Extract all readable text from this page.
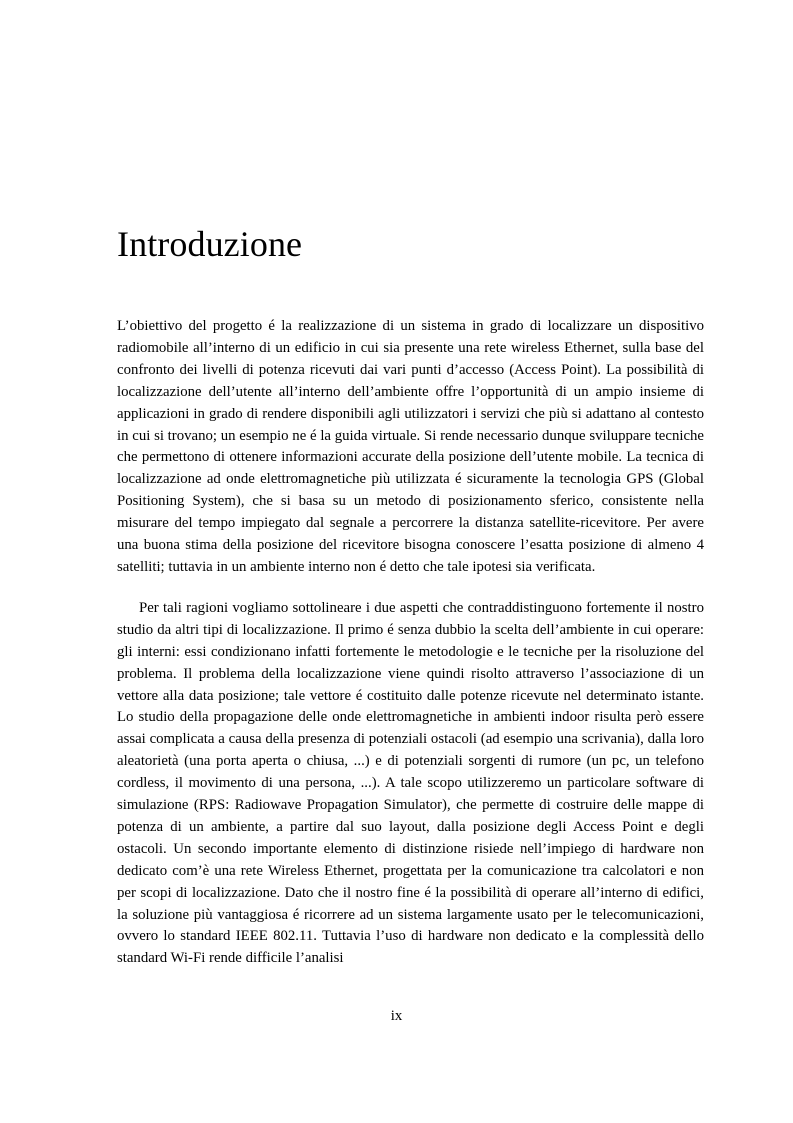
Introduzione

L’obiettivo del progetto é la realizzazione di un sistema in grado di localizzare un dispositivo radiomobile all’interno di un edificio in cui sia presente una rete wireless Ethernet, sulla base del confronto dei livelli di potenza ricevuti dai vari punti d’accesso (Access Point). La possibilità di localizzazione dell’utente all’interno dell’ambiente offre l’opportunità di un ampio insieme di applicazioni in grado di rendere disponibili agli utilizzatori i servizi che più si adattano al contesto in cui si trovano; un esempio ne é la guida virtuale. Si rende necessario dunque sviluppare tecniche che permettono di ottenere informazioni accurate della posizione dell’utente mobile. La tecnica di localizzazione ad onde elettromagnetiche più utilizzata é sicuramente la tecnologia GPS (Global Positioning System), che si basa su un metodo di posizionamento sferico, consistente nella misurare del tempo impiegato dal segnale a percorrere la distanza satellite-ricevitore. Per avere una buona stima della posizione del ricevitore bisogna conoscere l’esatta posizione di almeno 4 satelliti; tuttavia in un ambiente interno non é detto che tale ipotesi sia verificata.

Per tali ragioni vogliamo sottolineare i due aspetti che contraddistinguono fortemente il nostro studio da altri tipi di localizzazione. Il primo é senza dubbio la scelta dell’ambiente in cui operare: gli interni: essi condizionano infatti fortemente le metodologie e le tecniche per la risoluzione del problema. Il problema della localizzazione viene quindi risolto attraverso l’associazione di un vettore alla data posizione; tale vettore é costituito dalle potenze ricevute nel determinato istante. Lo studio della propagazione delle onde elettromagnetiche in ambienti indoor risulta però essere assai complicata a causa della presenza di potenziali ostacoli (ad esempio una scrivania), dalla loro aleatorietà (una porta aperta o chiusa, ...) e di potenziali sorgenti di rumore (un pc, un telefono cordless, il movimento di una persona, ...). A tale scopo utilizzeremo un particolare software di simulazione (RPS: Radiowave Propagation Simulator), che permette di costruire delle mappe di potenza di un ambiente, a partire dal suo layout, dalla posizione degli Access Point e degli ostacoli. Un secondo importante elemento di distinzione risiede nell’impiego di hardware non dedicato com’è una rete Wireless Ethernet, progettata per la comunicazione tra calcolatori e non per scopi di localizzazione. Dato che il nostro fine é la possibilità di operare all’interno di edifici, la soluzione più vantaggiosa é ricorrere ad un sistema largamente usato per le telecomunicazioni, ovvero lo standard IEEE 802.11. Tuttavia l’uso di hardware non dedicato e la complessità dello standard Wi-Fi rende difficile l’analisi

ix
